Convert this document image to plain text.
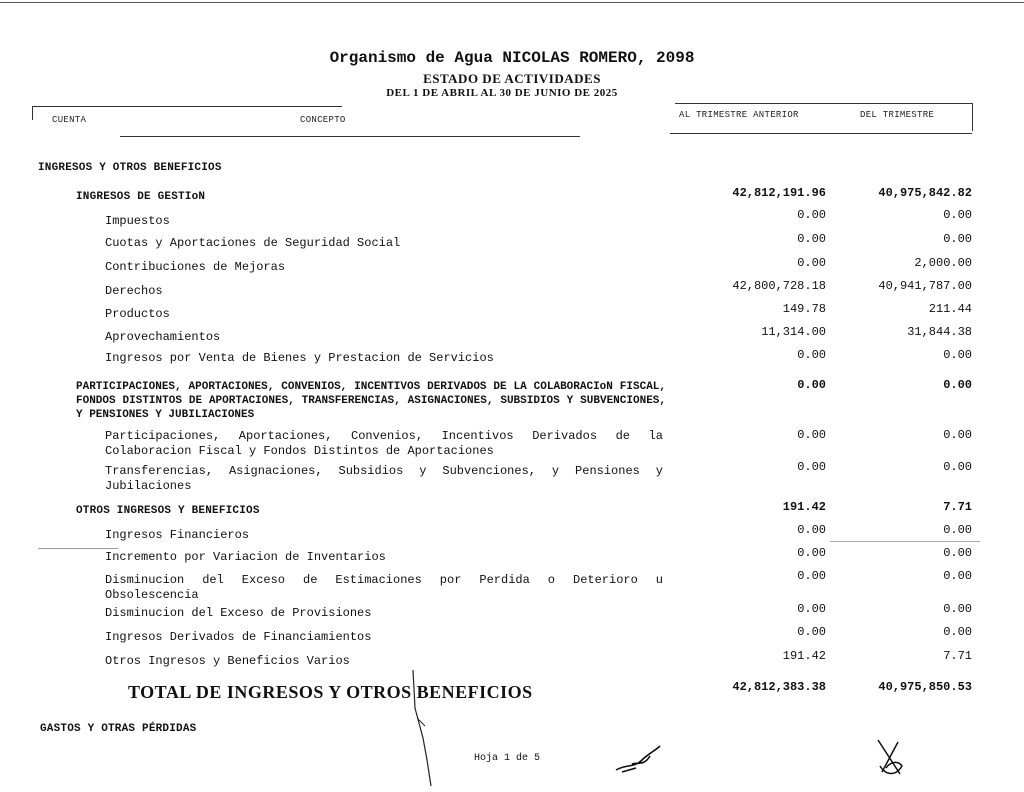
Organismo de Agua NICOLAS ROMERO, 2098
ESTADO DE ACTIVIDADES
DEL 1 DE ABRIL AL 30 DE JUNIO DE 2025
CUENTA	CONCEPTO	AL TRIMESTRE ANTERIOR	DEL TRIMESTRE
INGRESOS Y OTROS BENEFICIOS
INGRESOS DE GESTIoN	42,812,191.96	40,975,842.82
Impuestos	0.00	0.00
Cuotas y Aportaciones de Seguridad Social	0.00	0.00
Contribuciones de Mejoras	0.00	2,000.00
Derechos	42,800,728.18	40,941,787.00
Productos	149.78	211.44
Aprovechamientos	11,314.00	31,844.38
Ingresos por Venta de Bienes y Prestacion de Servicios	0.00	0.00
PARTICIPACIONES, APORTACIONES, CONVENIOS, INCENTIVOS DERIVADOS DE LA COLABORACIoN FISCAL, FONDOS DISTINTOS DE APORTACIONES, TRANSFERENCIAS, ASIGNACIONES, SUBSIDIOS Y SUBVENCIONES, Y PENSIONES Y JUBILIACIONES
0.00	0.00
Participaciones, Aportaciones, Convenios, Incentivos Derivados de la Colaboracion Fiscal y Fondos Distintos de Aportaciones
0.00	0.00
Transferencias, Asignaciones, Subsidios y Subvenciones, y Pensiones y Jubilaciones
0.00	0.00
OTROS INGRESOS Y BENEFICIOS	191.42	7.71
Ingresos Financieros	0.00	0.00
Incremento por Variacion de Inventarios	0.00	0.00
Disminucion del Exceso de Estimaciones por Perdida o Deterioro u Obsolescencia
0.00	0.00
Disminucion del Exceso de Provisiones	0.00	0.00
Ingresos Derivados de Financiamientos	0.00	0.00
Otros Ingresos y Beneficios Varios	191.42	7.71
TOTAL DE INGRESOS Y OTROS BENEFICIOS	42,812,383.38	40,975,850.53
GASTOS Y OTRAS PÉRDIDAS
Hoja 1 de 5
